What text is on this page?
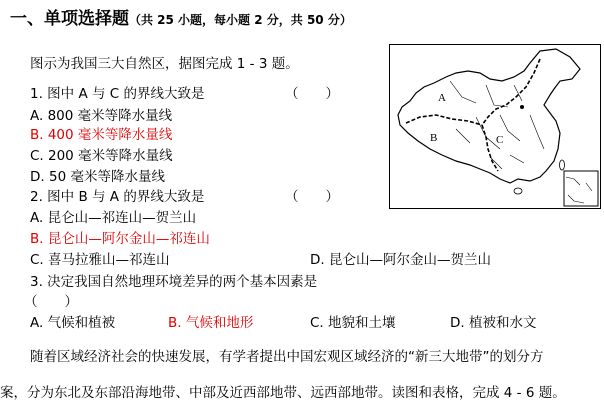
一、单项选择题（共 25 小题，每小题 2 分，共 50 分）
图示为我国三大自然区，据图完成 1 - 3 题。
1. 图中 A 与 C 的界线大致是	（　　）
A. 800 毫米等降水量线
B. 400 毫米等降水量线
C. 200 毫米等降水量线
D. 50 毫米等降水量线
2. 图中 B 与 A 的界线大致是	（　　）
A. 昆仑山—祁连山—贺兰山
B. 昆仑山—阿尔金山—祁连山
C. 喜马拉雅山—祁连山	D. 昆仑山—阿尔金山—贺兰山
3. 决定我国自然地理环境差异的两个基本因素是
（　　）
A. 气候和植被	B. 气候和地形	C. 地貌和土壤	D. 植被和水文
随着区域经济社会的快速发展，有学者提出中国宏观区域经济的“新三大地带”的划分方
案，分为东北及东部沿海地带、中部及近西部地带、远西部地带。读图和表格，完成 4 - 6 题。
A
B	C
